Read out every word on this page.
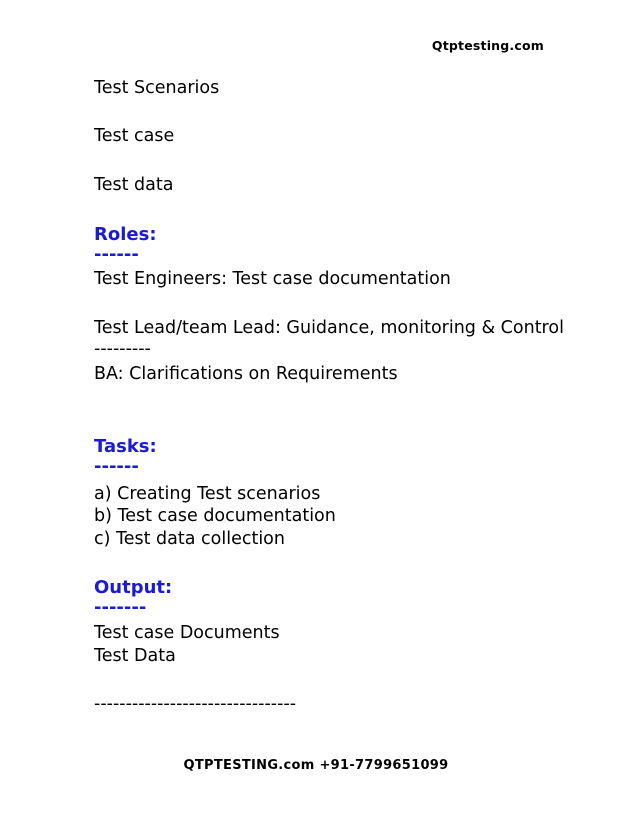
Qtptesting.com
Test Scenarios
Test case
Test data
Roles:
------
Test Engineers: Test case documentation
Test Lead/team Lead: Guidance, monitoring & Control
---------
BA: Clarifications on Requirements
Tasks:
------
a) Creating Test scenarios
b) Test case documentation
c) Test data collection
Output:
-------
Test case Documents
Test Data
--------------------------------
QTPTESTING.com +91-7799651099
